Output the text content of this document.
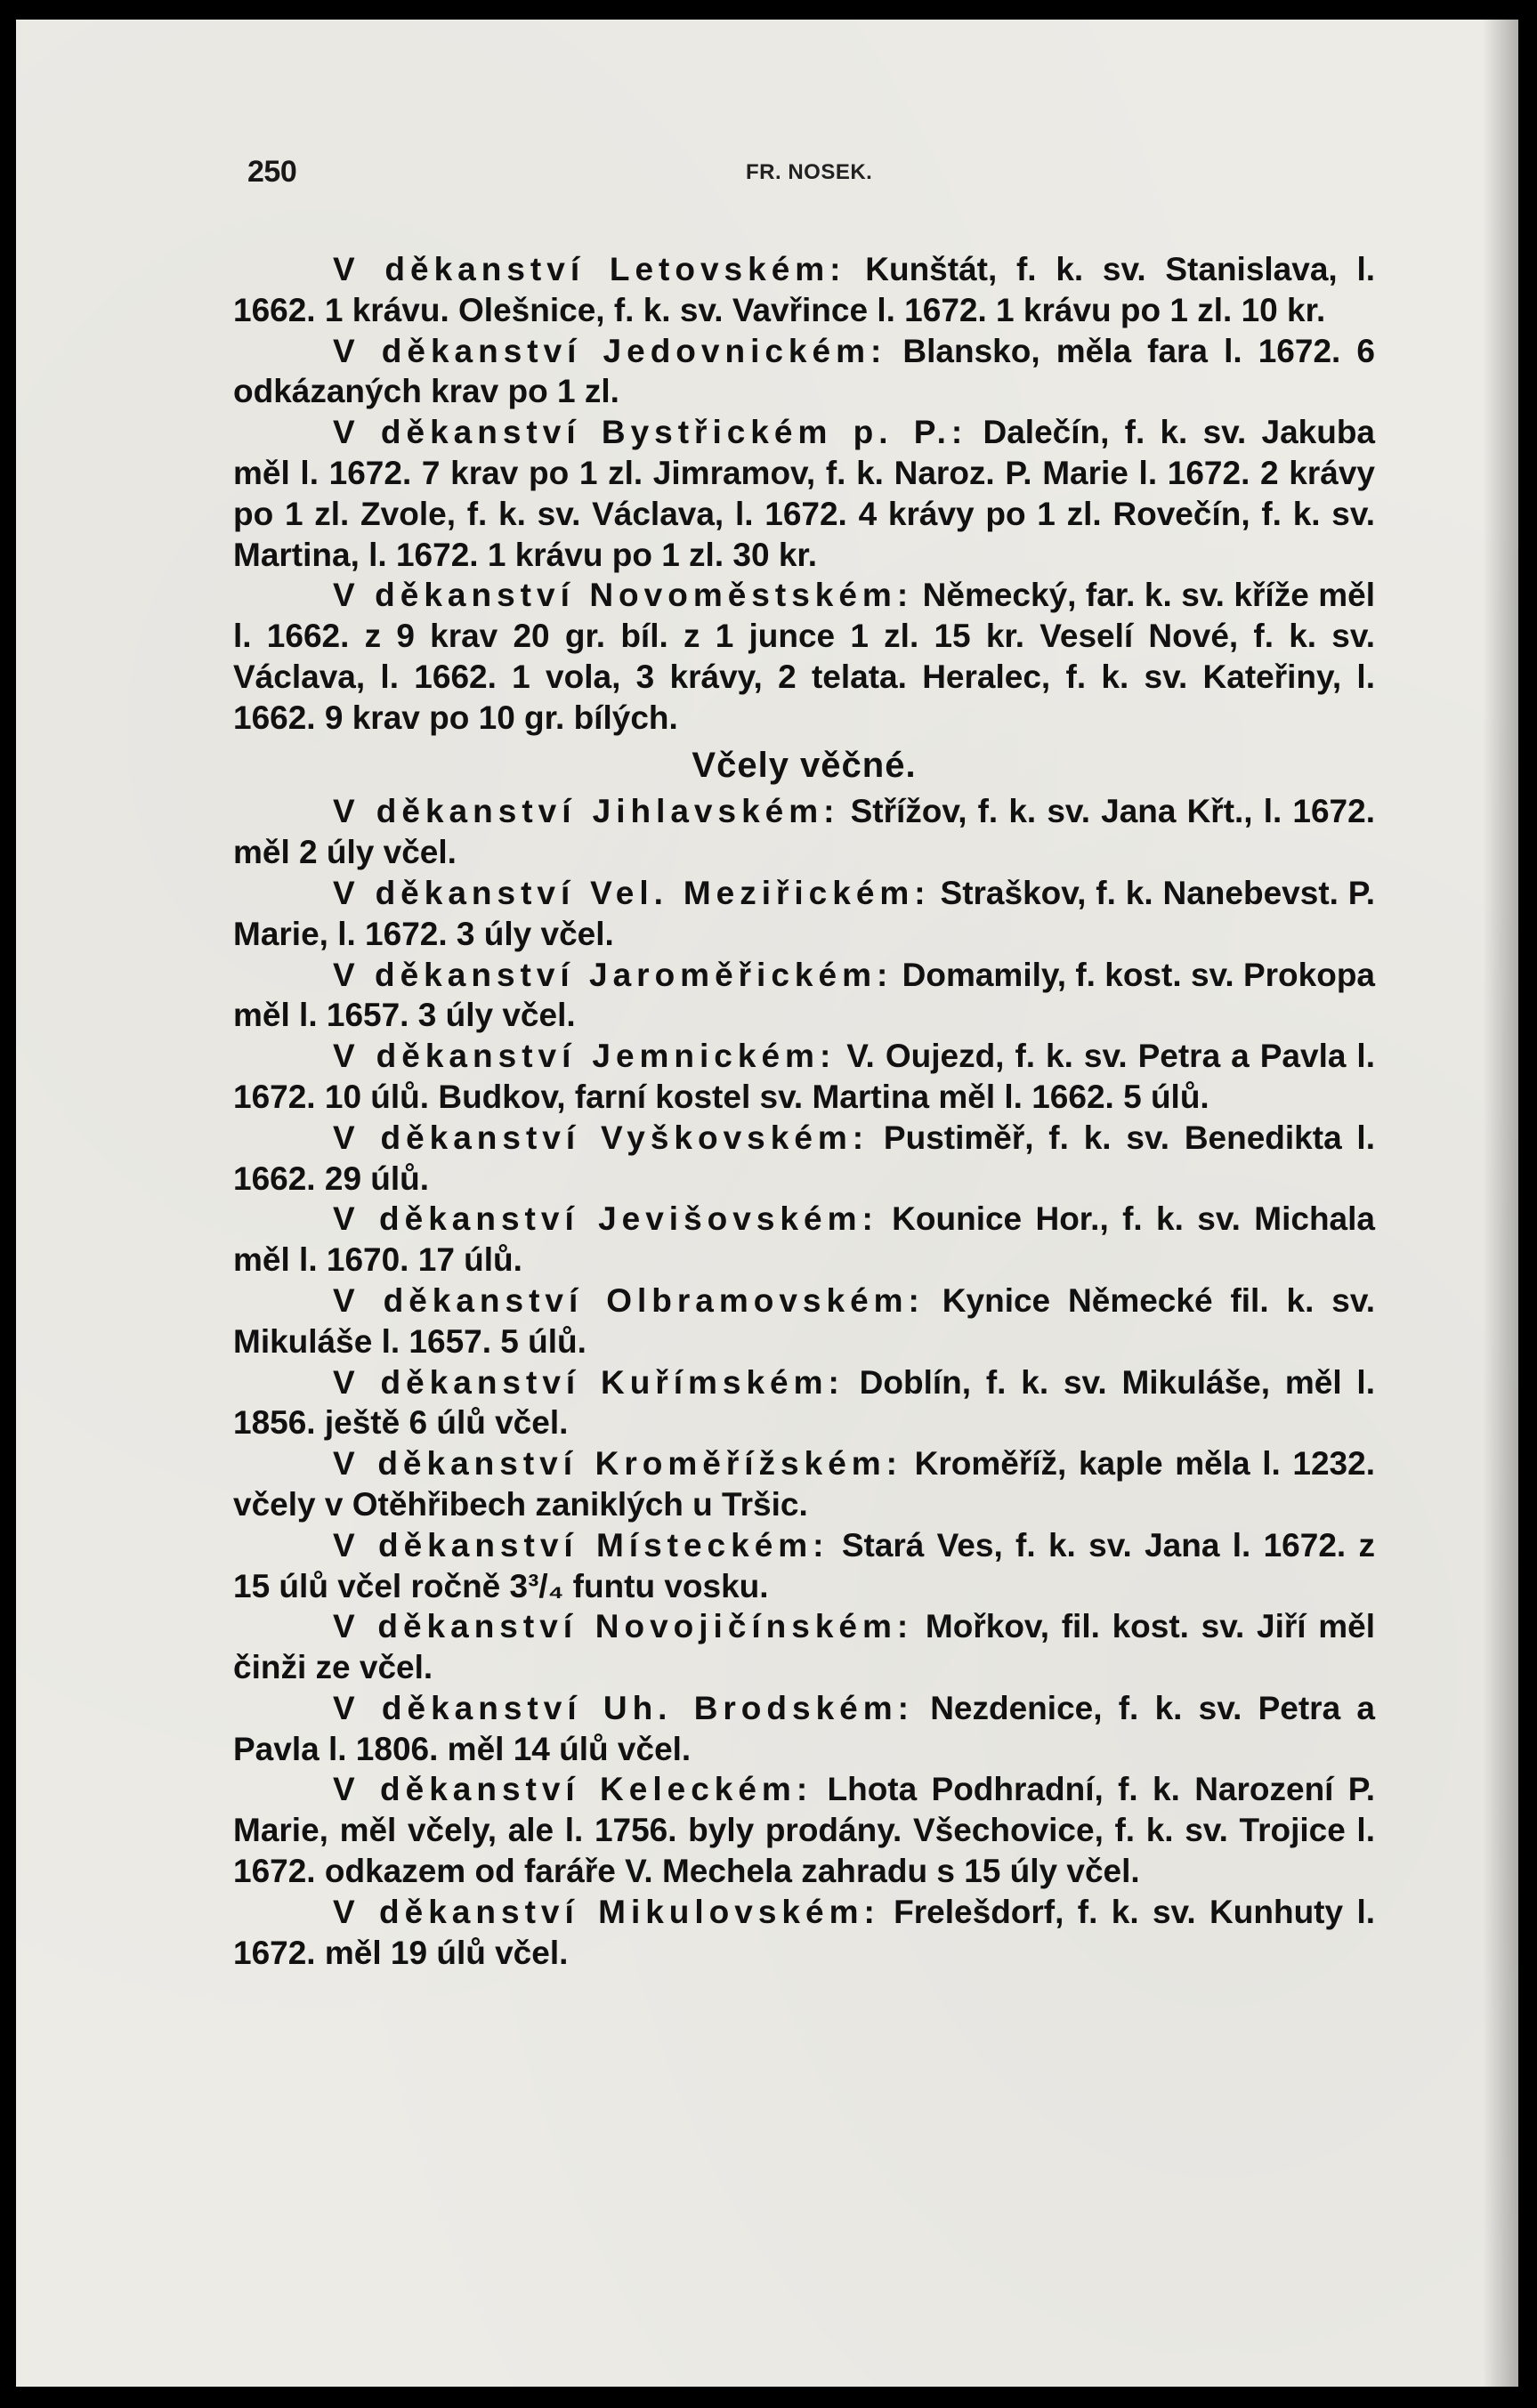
250	FR. NOSEK.

V děkanství Letovském: Kunštát, f. k. sv. Stanislava, l. 1662. 1 krávu. Olešnice, f. k. sv. Vavřince l. 1672. 1 krávu po 1 zl. 10 kr.

V děkanství Jedovnickém: Blansko, měla fara l. 1672. 6 odkázaných krav po 1 zl.

V děkanství Bystřickém p. P.: Dalečín, f. k. sv. Jakuba měl l. 1672. 7 krav po 1 zl. Jimramov, f. k. Naroz. P. Marie l. 1672. 2 krávy po 1 zl. Zvole, f. k. sv. Václava, l. 1672. 4 krávy po 1 zl. Rovečín, f. k. sv. Martina, l. 1672. 1 krávu po 1 zl. 30 kr.

V děkanství Novoměstském: Německý, far. k. sv. kříže měl l. 1662. z 9 krav 20 gr. bíl. z 1 junce 1 zl. 15 kr. Veselí Nové, f. k. sv. Václava, l. 1662. 1 vola, 3 krávy, 2 telata. Heralec, f. k. sv. Kateřiny, l. 1662. 9 krav po 10 gr. bílých.

Včely věčné.

V děkanství Jihlavském: Střížov, f. k. sv. Jana Křt., l. 1672. měl 2 úly včel.

V děkanství Vel. Meziřickém: Straškov, f. k. Nanebevst. P. Marie, l. 1672. 3 úly včel.

V děkanství Jaroměřickém: Domamily, f. kost. sv. Prokopa měl l. 1657. 3 úly včel.

V děkanství Jemnickém: V. Oujezd, f. k. sv. Petra a Pavla l. 1672. 10 úlů. Budkov, farní kostel sv. Martina měl l. 1662. 5 úlů.

V děkanství Vyškovském: Pustiměř, f. k. sv. Benedikta l. 1662. 29 úlů.

V děkanství Jevišovském: Kounice Hor., f. k. sv. Michala měl l. 1670. 17 úlů.

V děkanství Olbramovském: Kynice Německé fil. k. sv. Mikuláše l. 1657. 5 úlů.

V děkanství Kuřímském: Doblín, f. k. sv. Mikuláše, měl l. 1856. ještě 6 úlů včel.

V děkanství Kroměřížském: Kroměříž, kaple měla l. 1232. včely v Otěhřibech zaniklých u Tršic.

V děkanství Místeckém: Stará Ves, f. k. sv. Jana l. 1672. z 15 úlů včel ročně 3³/₄ funtu vosku.

V děkanství Novojičínském: Mořkov, fil. kost. sv. Jiří měl činži ze včel.

V děkanství Uh. Brodském: Nezdenice, f. k. sv. Petra a Pavla l. 1806. měl 14 úlů včel.

V děkanství Keleckém: Lhota Podhradní, f. k. Narození P. Marie, měl včely, ale l. 1756. byly prodány. Všechovice, f. k. sv. Trojice l. 1672. odkazem od faráře V. Mechela zahradu s 15 úly včel.

V děkanství Mikulovském: Frelešdorf, f. k. sv. Kunhuty l. 1672. měl 19 úlů včel.
